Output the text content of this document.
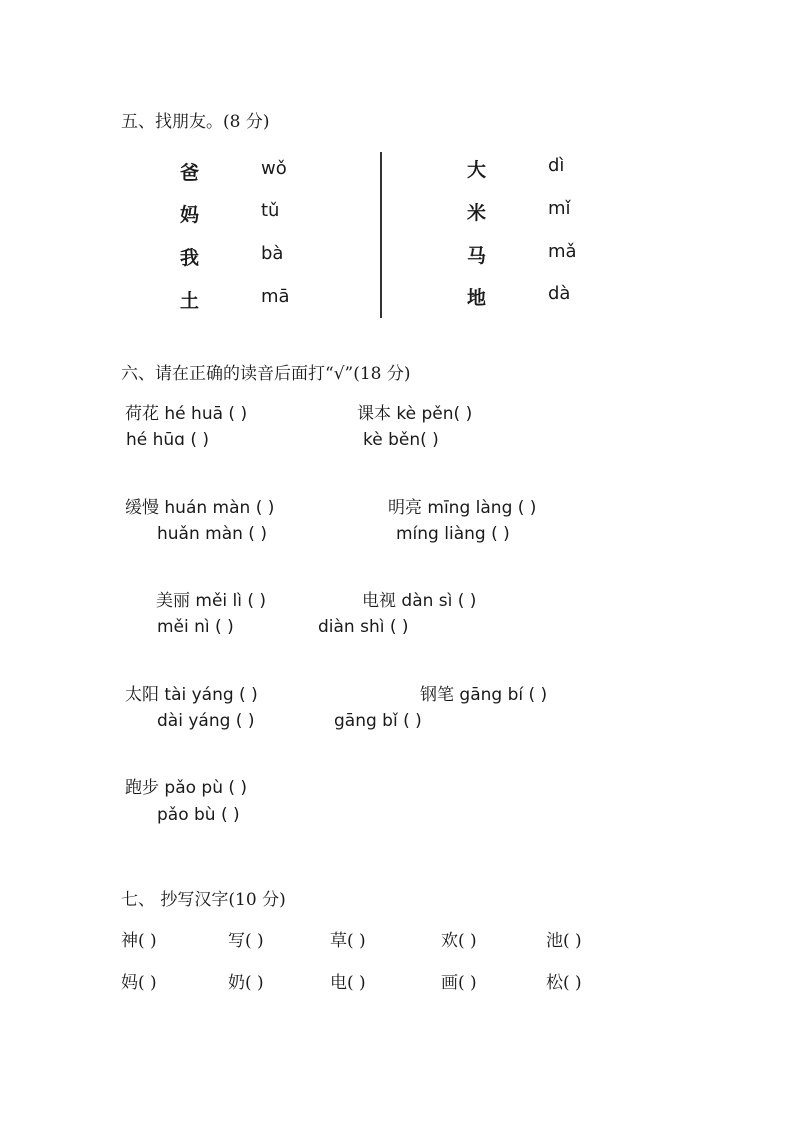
五、找朋友。(8 分)
爸	wǒ
妈	tǔ
我	bà
土	mā
大	dì
米	mǐ
马	mǎ
地	dà
六、请在正确的读音后面打“√”(18 分)
荷花 hé huā ( )	课本 kè pěn( )
hé hūɑ ( )	kè běn( )
缓慢 huán màn ( )	明亮 mīng làng ( )
huǎn màn ( )	míng liàng ( )
美丽 měi lì ( )	电视 dàn sì ( )
měi nì ( )	diàn shì ( )
太阳 tài yáng ( )	钢笔 gāng bí ( )
dài yáng ( )	gāng bǐ ( )
跑步 pǎo pù ( )
pǎo bù ( )
七、 抄写汉字(10 分)
神( )	写( )	草( )	欢( )	池( )
妈( )	奶( )	电( )	画( )	松( )
